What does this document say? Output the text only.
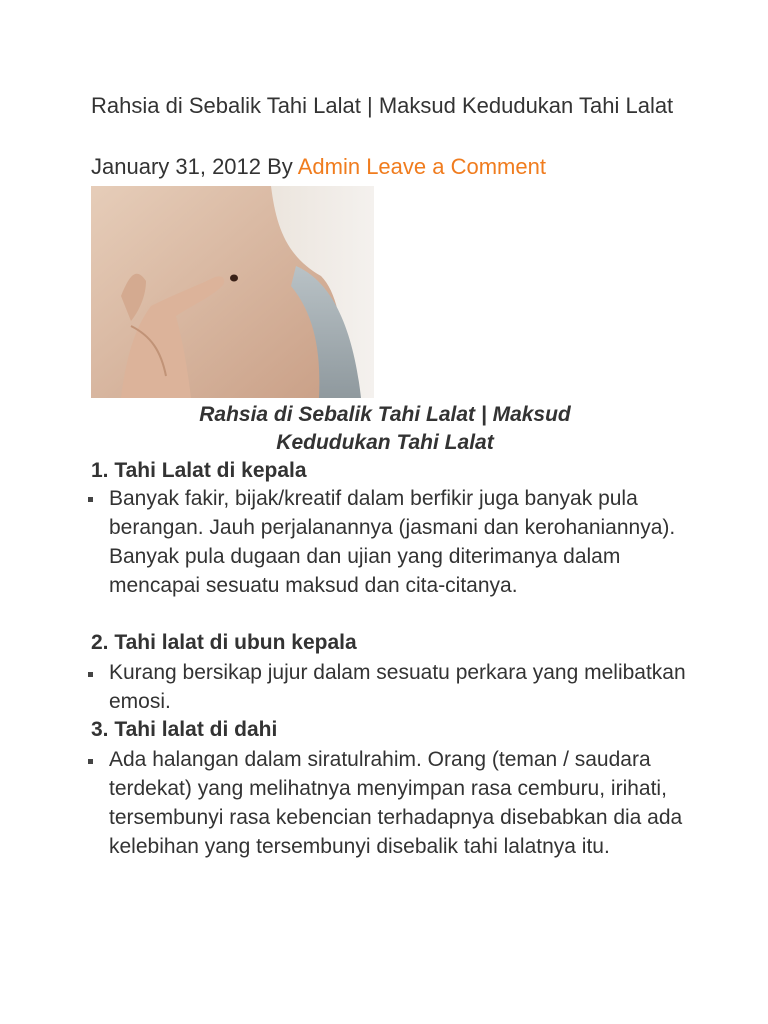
Rahsia di Sebalik Tahi Lalat | Maksud Kedudukan Tahi Lalat
January 31, 2012 By Admin Leave a Comment
Rahsia di Sebalik Tahi Lalat | Maksud Kedudukan Tahi Lalat
1. Tahi Lalat di kepala
Banyak fakir, bijak/kreatif dalam berfikir juga banyak pula berangan. Jauh perjalanannya (jasmani dan kerohaniannya). Banyak pula dugaan dan ujian yang diterimanya dalam mencapai sesuatu maksud dan cita-citanya.
2. Tahi lalat di ubun kepala
Kurang bersikap jujur dalam sesuatu perkara yang melibatkan emosi.
3. Tahi lalat di dahi
Ada halangan dalam siratulrahim. Orang (teman / saudara terdekat) yang melihatnya menyimpan rasa cemburu, irihati, tersembunyi rasa kebencian terhadapnya disebabkan dia ada kelebihan yang tersembunyi disebalik tahi lalatnya itu.
